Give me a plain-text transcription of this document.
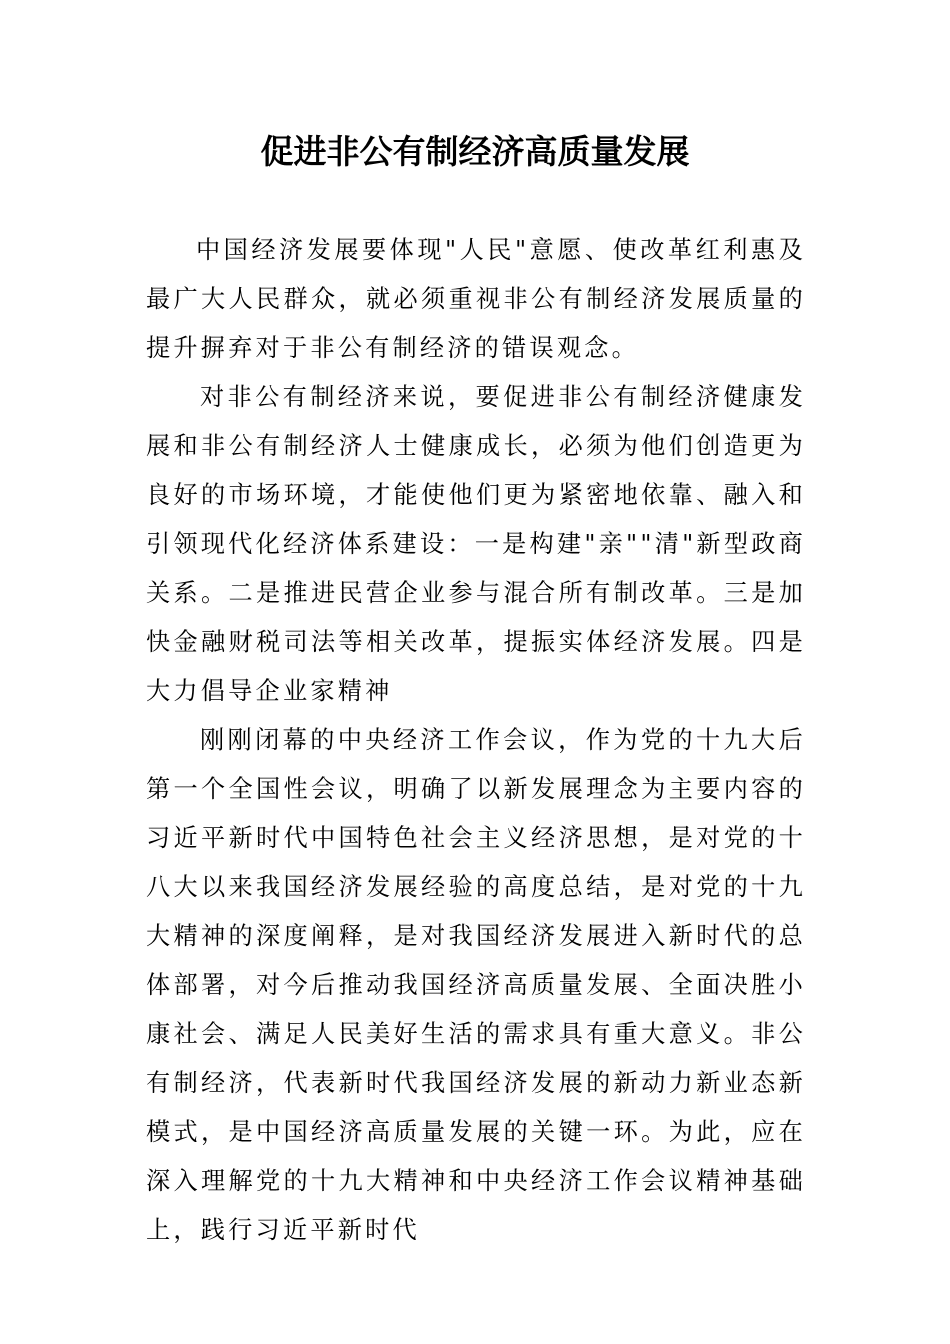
促进非公有制经济高质量发展

中国经济发展要体现"人民"意愿、使改革红利惠及最广大人民群众，就必须重视非公有制经济发展质量的提升摒弃对于非公有制经济的错误观念。

对非公有制经济来说，要促进非公有制经济健康发展和非公有制经济人士健康成长，必须为他们创造更为良好的市场环境，才能使他们更为紧密地依靠、融入和引领现代化经济体系建设：一是构建"亲""清"新型政商关系。二是推进民营企业参与混合所有制改革。三是加快金融财税司法等相关改革，提振实体经济发展。四是大力倡导企业家精神

刚刚闭幕的中央经济工作会议，作为党的十九大后第一个全国性会议，明确了以新发展理念为主要内容的习近平新时代中国特色社会主义经济思想，是对党的十八大以来我国经济发展经验的高度总结，是对党的十九大精神的深度阐释，是对我国经济发展进入新时代的总体部署，对今后推动我国经济高质量发展、全面决胜小康社会、满足人民美好生活的需求具有重大意义。非公有制经济，代表新时代我国经济发展的新动力新业态新模式，是中国经济高质量发展的关键一环。为此，应在深入理解党的十九大精神和中央经济工作会议精神基础上，践行习近平新时代
